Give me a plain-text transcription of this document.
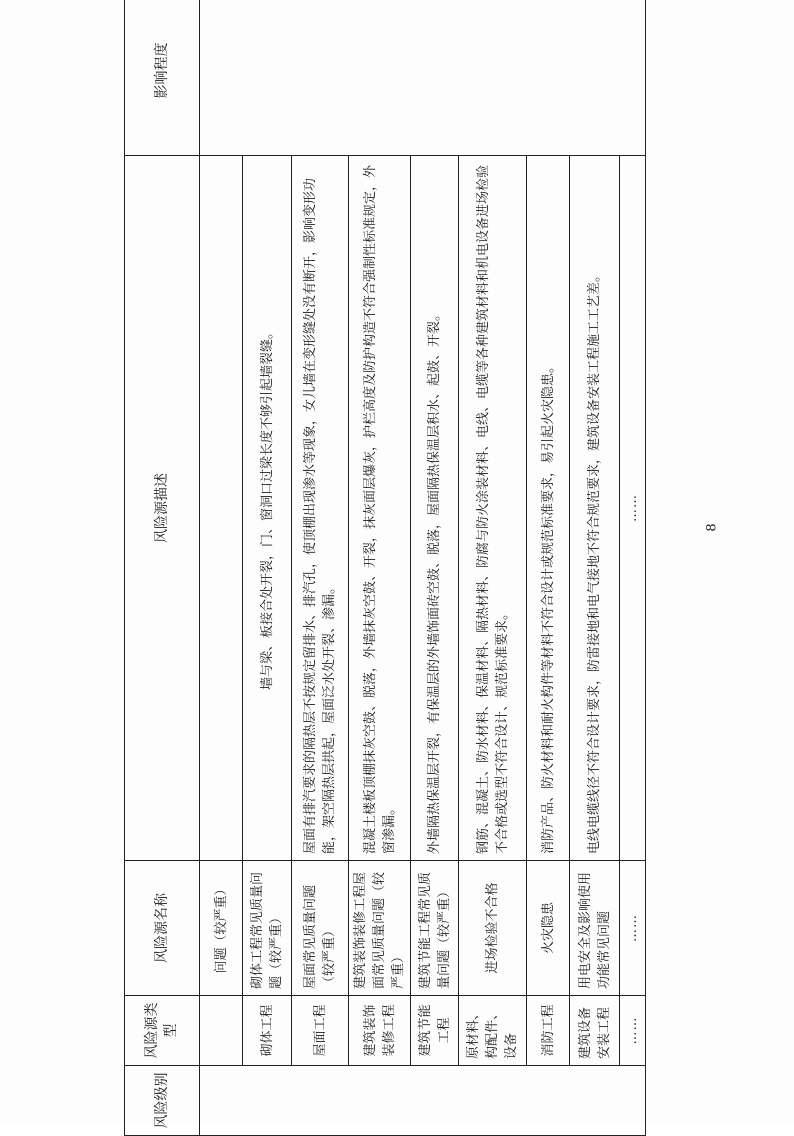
风险级别	风险源类型	风险源名称	风险源描述	影响程度
		问题（较严重）		
	砌体工程	砌体工程常见质量问题（较严重）	墙与梁、板接合处开裂，门、窗洞口过梁长度不够引起墙裂缝。	
	屋面工程	屋面常见质量问题（较严重）	屋面有排汽要求的隔热层不按规定留排水、排汽孔，使顶棚出现渗水等现象，女儿墙在变形缝处没有断开，影响变形功能，架空隔热层拱起，屋面泛水处开裂、渗漏。	
	建筑装饰装修工程	建筑装饰装修工程屋面常见质量问题（较严重）	混凝土楼板顶棚抹灰空鼓、脱落，外墙抹灰空鼓、开裂，抹灰面层爆灰，护栏高度及防护构造不符合强制性标准规定，外窗渗漏。	
	建筑节能工程	建筑节能工程常见质量问题（较严重）	外墙隔热保温层开裂，有保温层的外墙饰面砖空鼓、脱落，屋面隔热保温层积水、起鼓、开裂。	
	原材料、构配件、设备	进场检验不合格	钢筋、混凝土、防水材料、保温材料、隔热材料、防腐与防火涂装材料、电线、电缆等各种建筑材料和机电设备进场检验不合格或选型不符合设计、规范标准要求。	
	消防工程	火灾隐患	消防产品、防火材料和耐火构件等材料不符合设计或规范标准要求，易引起火灾隐患。	
	建筑设备安装工程	用电安全及影响使用功能常见问题	电线电缆线径不符合设计要求，防雷接地和电气接地不符合规范要求，建筑设备安装工程施工工艺差。	
	……	……	……	
8
